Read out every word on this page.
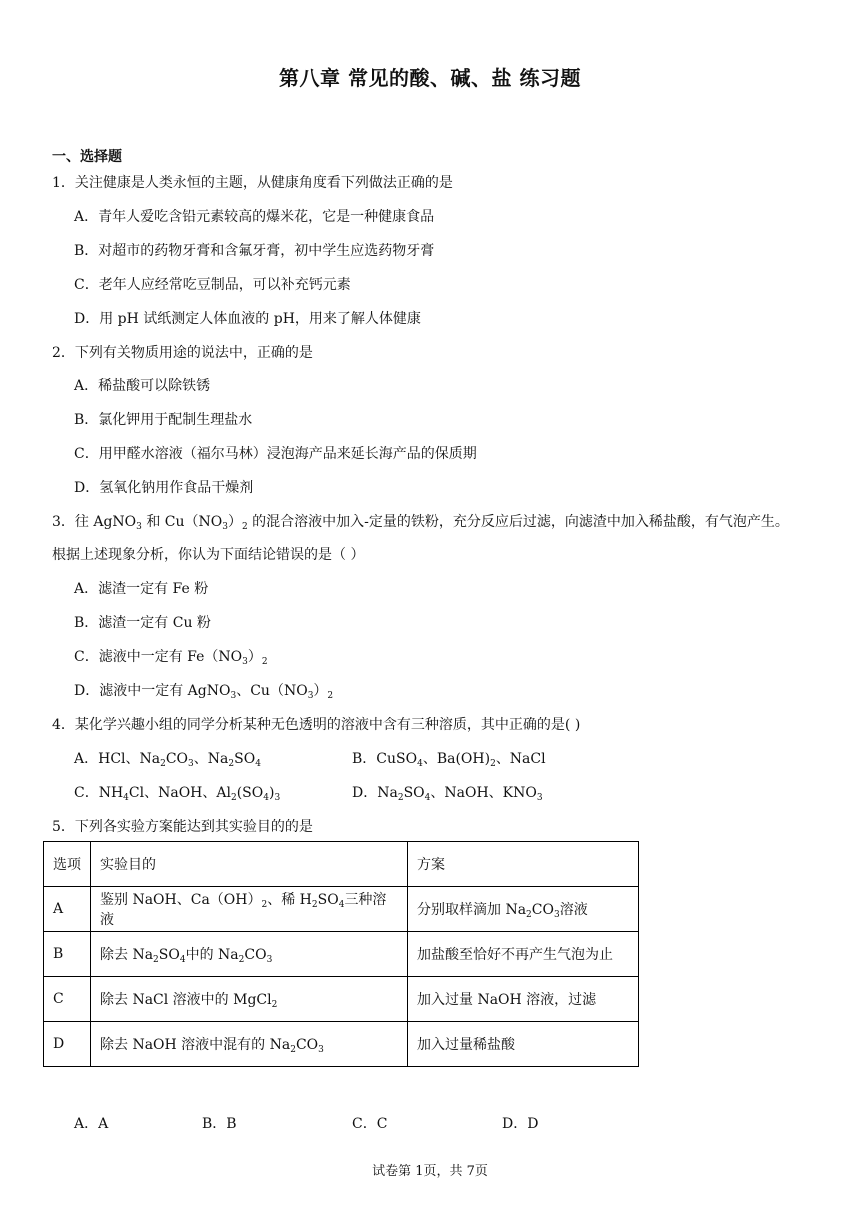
第八章 常见的酸、碱、盐 练习题
一、选择题
1．关注健康是人类永恒的主题，从健康角度看下列做法正确的是
A．青年人爱吃含铅元素较高的爆米花，它是一种健康食品
B．对超市的药物牙膏和含氟牙膏，初中学生应选药物牙膏
C．老年人应经常吃豆制品，可以补充钙元素
D．用 pH 试纸测定人体血液的 pH，用来了解人体健康
2．下列有关物质用途的说法中，正确的是
A．稀盐酸可以除铁锈
B．氯化钾用于配制生理盐水
C．用甲醛水溶液（福尔马林）浸泡海产品来延长海产品的保质期
D．氢氧化钠用作食品干燥剂
3．往 AgNO$_3$ 和 $Cu(NO_3)_2$ 的混合溶液中加入-定量的铁粉，充分反应后过滤，向滤渣中加入稀盐酸，有气泡产生。
根据上述现象分析，你认为下面结论错误的是（ ）
A．滤渣一定有 Fe 粉
B．滤渣一定有 Cu 粉
C．滤液中一定有 $Fe(NO_3)_2$
D．滤液中一定有 AgNO$_3$、$Cu(NO_3)_2$
4．某化学兴趣小组的同学分析某种无色透明的溶液中含有三种溶质，其中正确的是( )
A．HCl、$Na_2CO_3$、$Na_2SO_4$	B．CuSO$_4$、$Ba(OH)_2$、NaCl
C．$NH_4Cl$、NaOH、$Al_2(SO_4)_3$	D．$Na_2SO_4$、NaOH、$KNO_3$
5．下列各实验方案能达到其实验目的的是
选项	实验目的	方案
A	鉴别 NaOH、$Ca(OH)_2$、稀 $H_2SO_4$三种溶液	分别取样滴加 $Na_2CO_3$溶液
B	除去 $Na_2SO_4$中的 $Na_2CO_3$	加盐酸至恰好不再产生气泡为止
C	除去 NaCl 溶液中的 MgCl$_2$	加入过量 NaOH 溶液，过滤
D	除去 NaOH 溶液中混有的 $Na_2CO_3$	加入过量稀盐酸
A．A	B．B	C．C	D．D
试卷第 1页，共 7页
